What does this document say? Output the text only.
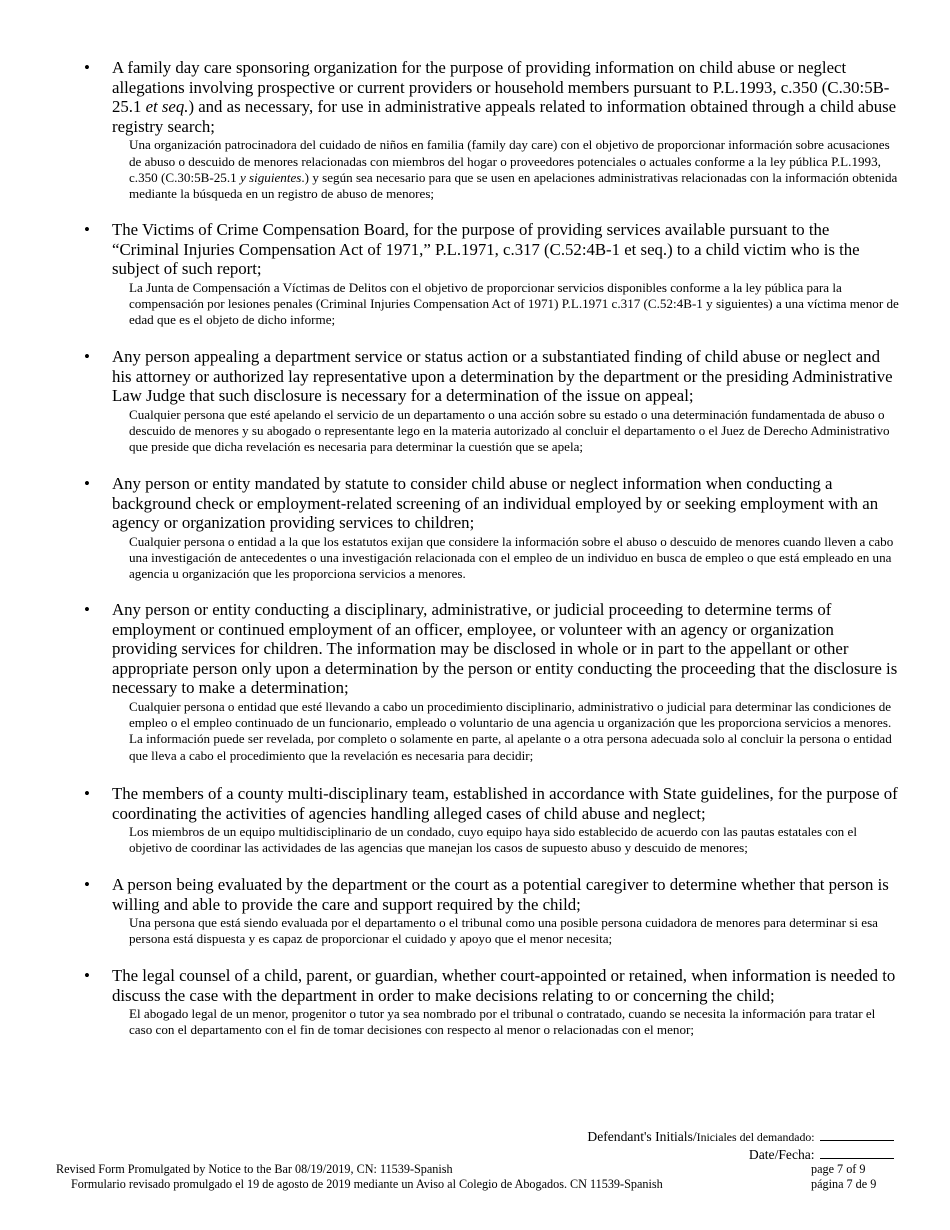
• A family day care sponsoring organization for the purpose of providing information on child abuse or neglect allegations involving prospective or current providers or household members pursuant to P.L.1993, c.350 (C.30:5B-25.1 et seq.) and as necessary, for use in administrative appeals related to information obtained through a child abuse registry search;
Una organización patrocinadora del cuidado de niños en familia (family day care) con el objetivo de proporcionar información sobre acusaciones de abuso o descuido de menores relacionadas con miembros del hogar o proveedores potenciales o actuales conforme a la ley pública P.L.1993, c.350 (C.30:5B-25.1 y siguientes.) y según sea necesario para que se usen en apelaciones administrativas relacionadas con la información obtenida mediante la búsqueda en un registro de abuso de menores;
• The Victims of Crime Compensation Board, for the purpose of providing services available pursuant to the “Criminal Injuries Compensation Act of 1971,” P.L.1971, c.317 (C.52:4B-1 et seq.) to a child victim who is the subject of such report;
La Junta de Compensación a Víctimas de Delitos con el objetivo de proporcionar servicios disponibles conforme a la ley pública para la compensación por lesiones penales (Criminal Injuries Compensation Act of 1971) P.L.1971 c.317 (C.52:4B-1 y siguientes) a una víctima menor de edad que es el objeto de dicho informe;
• Any person appealing a department service or status action or a substantiated finding of child abuse or neglect and his attorney or authorized lay representative upon a determination by the department or the presiding Administrative Law Judge that such disclosure is necessary for a determination of the issue on appeal;
Cualquier persona que esté apelando el servicio de un departamento o una acción sobre su estado o una determinación fundamentada de abuso o descuido de menores y su abogado o representante lego en la materia autorizado al concluir el departamento o el Juez de Derecho Administrativo que preside que dicha revelación es necesaria para determinar la cuestión que se apela;
• Any person or entity mandated by statute to consider child abuse or neglect information when conducting a background check or employment-related screening of an individual employed by or seeking employment with an agency or organization providing services to children;
Cualquier persona o entidad a la que los estatutos exijan que considere la información sobre el abuso o descuido de menores cuando lleven a cabo una investigación de antecedentes o una investigación relacionada con el empleo de un individuo en busca de empleo o que está empleado en una agencia u organización que les proporciona servicios a menores.
• Any person or entity conducting a disciplinary, administrative, or judicial proceeding to determine terms of employment or continued employment of an officer, employee, or volunteer with an agency or organization providing services for children. The information may be disclosed in whole or in part to the appellant or other appropriate person only upon a determination by the person or entity conducting the proceeding that the disclosure is necessary to make a determination;
Cualquier persona o entidad que esté llevando a cabo un procedimiento disciplinario, administrativo o judicial para determinar las condiciones de empleo o el empleo continuado de un funcionario, empleado o voluntario de una agencia u organización que les proporciona servicios a menores. La información puede ser revelada, por completo o solamente en parte, al apelante o a otra persona adecuada solo al concluir la persona o entidad que lleva a cabo el procedimiento que la revelación es necesaria para decidir;
• The members of a county multi-disciplinary team, established in accordance with State guidelines, for the purpose of coordinating the activities of agencies handling alleged cases of child abuse and neglect;
Los miembros de un equipo multidisciplinario de un condado, cuyo equipo haya sido establecido de acuerdo con las pautas estatales con el objetivo de coordinar las actividades de las agencias que manejan los casos de supuesto abuso y descuido de menores;
• A person being evaluated by the department or the court as a potential caregiver to determine whether that person is willing and able to provide the care and support required by the child;
Una persona que está siendo evaluada por el departamento o el tribunal como una posible persona cuidadora de menores para determinar si esa persona está dispuesta y es capaz de proporcionar el cuidado y apoyo que el menor necesita;
• The legal counsel of a child, parent, or guardian, whether court-appointed or retained, when information is needed to discuss the case with the department in order to make decisions relating to or concerning the child;
El abogado legal de un menor, progenitor o tutor ya sea nombrado por el tribunal o contratado, cuando se necesita la información para tratar el caso con el departamento con el fin de tomar decisiones con respecto al menor o relacionadas con el menor;
Defendant's Initials/Iniciales del demandado:
Date/Fecha:
Revised Form Promulgated by Notice to the Bar 08/19/2019, CN: 11539-Spanish
Formulario revisado promulgado el 19 de agosto de 2019 mediante un Aviso al Colegio de Abogados. CN 11539-Spanish
page 7 of 9
página 7 de 9
